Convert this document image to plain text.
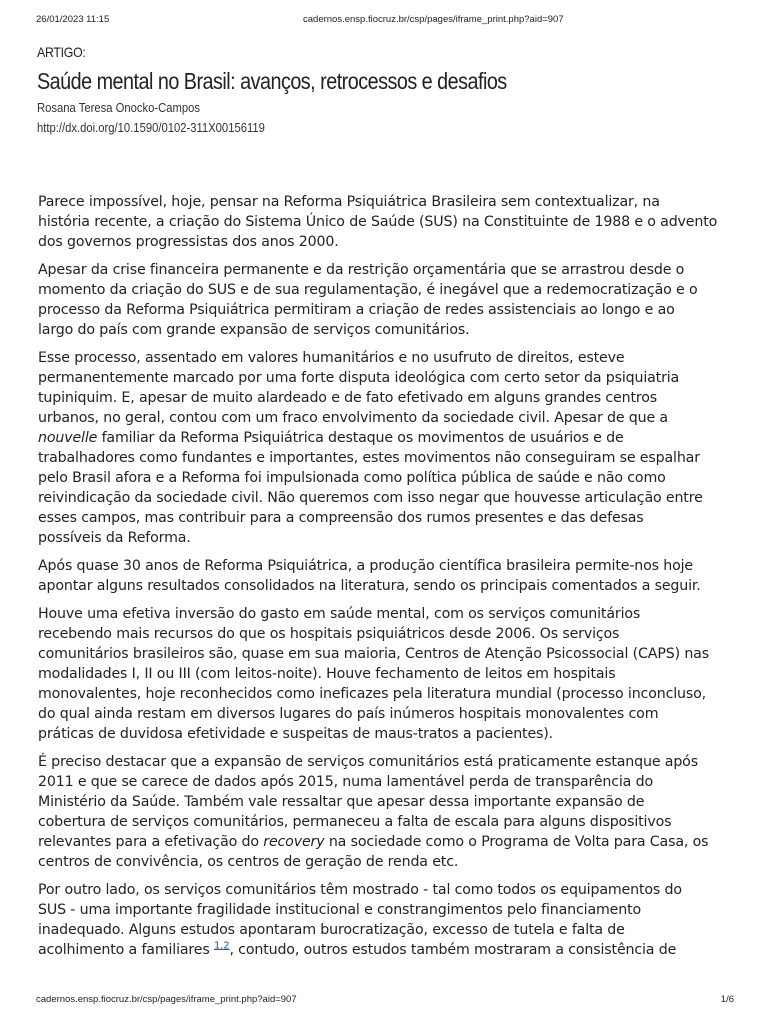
26/01/2023 11:15	cadernos.ensp.fiocruz.br/csp/pages/iframe_print.php?aid=907
ARTIGO:
Saúde mental no Brasil: avanços, retrocessos e desafios
Rosana Teresa Onocko-Campos
http://dx.doi.org/10.1590/0102-311X00156119

Parece impossível, hoje, pensar na Reforma Psiquiátrica Brasileira sem contextualizar, na
história recente, a criação do Sistema Único de Saúde (SUS) na Constituinte de 1988 e o advento
dos governos progressistas dos anos 2000.

Apesar da crise financeira permanente e da restrição orçamentária que se arrastrou desde o
momento da criação do SUS e de sua regulamentação, é inegável que a redemocratização e o
processo da Reforma Psiquiátrica permitiram a criação de redes assistenciais ao longo e ao
largo do país com grande expansão de serviços comunitários.

Esse processo, assentado em valores humanitários e no usufruto de direitos, esteve
permanentemente marcado por uma forte disputa ideológica com certo setor da psiquiatria
tupiniquim. E, apesar de muito alardeado e de fato efetivado em alguns grandes centros
urbanos, no geral, contou com um fraco envolvimento da sociedade civil. Apesar de que a
nouvelle familiar da Reforma Psiquiátrica destaque os movimentos de usuários e de
trabalhadores como fundantes e importantes, estes movimentos não conseguiram se espalhar
pelo Brasil afora e a Reforma foi impulsionada como política pública de saúde e não como
reivindicação da sociedade civil. Não queremos com isso negar que houvesse articulação entre
esses campos, mas contribuir para a compreensão dos rumos presentes e das defesas
possíveis da Reforma.

Após quase 30 anos de Reforma Psiquiátrica, a produção científica brasileira permite-nos hoje
apontar alguns resultados consolidados na literatura, sendo os principais comentados a seguir.

Houve uma efetiva inversão do gasto em saúde mental, com os serviços comunitários
recebendo mais recursos do que os hospitais psiquiátricos desde 2006. Os serviços
comunitários brasileiros são, quase em sua maioria, Centros de Atenção Psicossocial (CAPS) nas
modalidades I, II ou III (com leitos-noite). Houve fechamento de leitos em hospitais
monovalentes, hoje reconhecidos como ineficazes pela literatura mundial (processo inconcluso,
do qual ainda restam em diversos lugares do país inúmeros hospitais monovalentes com
práticas de duvidosa efetividade e suspeitas de maus-tratos a pacientes).

É preciso destacar que a expansão de serviços comunitários está praticamente estanque após
2011 e que se carece de dados após 2015, numa lamentável perda de transparência do
Ministério da Saúde. Também vale ressaltar que apesar dessa importante expansão de
cobertura de serviços comunitários, permaneceu a falta de escala para alguns dispositivos
relevantes para a efetivação do recovery na sociedade como o Programa de Volta para Casa, os
centros de convivência, os centros de geração de renda etc.

Por outro lado, os serviços comunitários têm mostrado - tal como todos os equipamentos do
SUS - uma importante fragilidade institucional e constrangimentos pelo financiamento
inadequado. Alguns estudos apontaram burocratização, excesso de tutela e falta de
acolhimento a familiares $^{1,2}$, contudo, outros estudos também mostraram a consistência de

cadernos.ensp.fiocruz.br/csp/pages/iframe_print.php?aid=907	1/6
